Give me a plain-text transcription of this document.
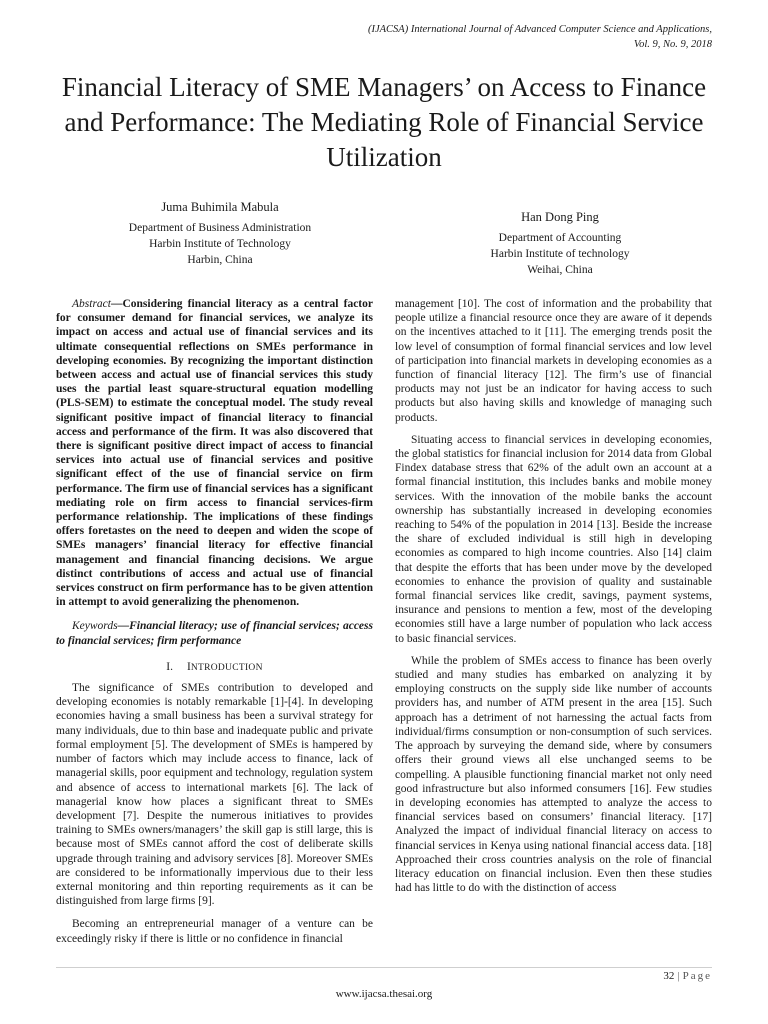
(IJACSA) International Journal of Advanced Computer Science and Applications,
Vol. 9, No. 9, 2018
Financial Literacy of SME Managers’ on Access to Finance and Performance: The Mediating Role of Financial Service Utilization
Juma Buhimila Mabula
Department of Business Administration
Harbin Institute of Technology
Harbin, China
Han Dong Ping
Department of Accounting
Harbin Institute of technology
Weihai, China

Abstract—Considering financial literacy as a central factor for consumer demand for financial services, we analyze its impact on access and actual use of financial services and its ultimate consequential reflections on SMEs performance in developing economies. By recognizing the important distinction between access and actual use of financial services this study uses the partial least square-structural equation modelling (PLS-SEM) to estimate the conceptual model. The study reveal significant positive impact of financial literacy to financial access and performance of the firm. It was also discovered that there is significant positive direct impact of access to financial services into actual use of financial services and positive significant effect of the use of financial service on firm performance. The firm use of financial services has a significant mediating role on firm access to financial services-firm performance relationship. The implications of these findings offers foretastes on the need to deepen and widen the scope of SMEs managers’ financial literacy for effective financial management and financial financing decisions. We argue distinct contributions of access and actual use of financial services construct on firm performance has to be given attention in attempt to avoid generalizing the phenomenon.

Keywords—Financial literacy; use of financial services; access to financial services; firm performance

I. INTRODUCTION

The significance of SMEs contribution to developed and developing economies is notably remarkable [1]-[4]. In developing economies having a small business has been a survival strategy for many individuals, due to thin base and inadequate public and private formal employment [5]. The development of SMEs is hampered by number of factors which may include access to finance, lack of managerial skills, poor equipment and technology, regulation system and absence of access to international markets [6]. The lack of managerial know how places a significant threat to SMEs development [7]. Despite the numerous initiatives to provides training to SMEs owners/managers’ the skill gap is still large, this is because most of SMEs cannot afford the cost of deliberate skills upgrade through training and advisory services [8]. Moreover SMEs are considered to be informationally impervious due to their less external monitoring and thin reporting requirements as it can be distinguished from large firms [9].

Becoming an entrepreneurial manager of a venture can be exceedingly risky if there is little or no confidence in financial

management [10]. The cost of information and the probability that people utilize a financial resource once they are aware of it depends on the incentives attached to it [11]. The emerging trends posit the low level of consumption of formal financial services and low level of participation into financial markets in developing economies as a function of financial literacy [12]. The firm’s use of financial products may not just be an indicator for having access to such products but also having skills and knowledge of managing such products.

Situating access to financial services in developing economies, the global statistics for financial inclusion for 2014 data from Global Findex database stress that 62% of the adult own an account at a formal financial institution, this includes banks and mobile money services. With the innovation of the mobile banks the account ownership has substantially increased in developing economies reaching to 54% of the population in 2014 [13]. Beside the increase the share of excluded individual is still high in developing economies as compared to high income countries. Also [14] claim that despite the efforts that has been under move by the developed economies to enhance the provision of quality and sustainable formal financial services like credit, savings, payment systems, insurance and pensions to mention a few, most of the developing economies still have a large number of population who lack access to basic financial services.

While the problem of SMEs access to finance has been overly studied and many studies has embarked on analyzing it by employing constructs on the supply side like number of accounts providers has, and number of ATM present in the area [15]. Such approach has a detriment of not harnessing the actual facts from individual/firms consumption or non-consumption of such services. The approach by surveying the demand side, where by consumers offers their ground views all else unchanged seems to be compelling. A plausible functioning financial market not only need good infrastructure but also informed consumers [16]. Few studies in developing economies has attempted to analyze the access to financial services based on consumers’ financial literacy. [17] Analyzed the impact of individual financial literacy on access to financial services in Kenya using national financial access data. [18] Approached their cross countries analysis on the role of financial literacy education on financial inclusion. Even then these studies had has little to do with the distinction of access

32 | Page
www.ijacsa.thesai.org
